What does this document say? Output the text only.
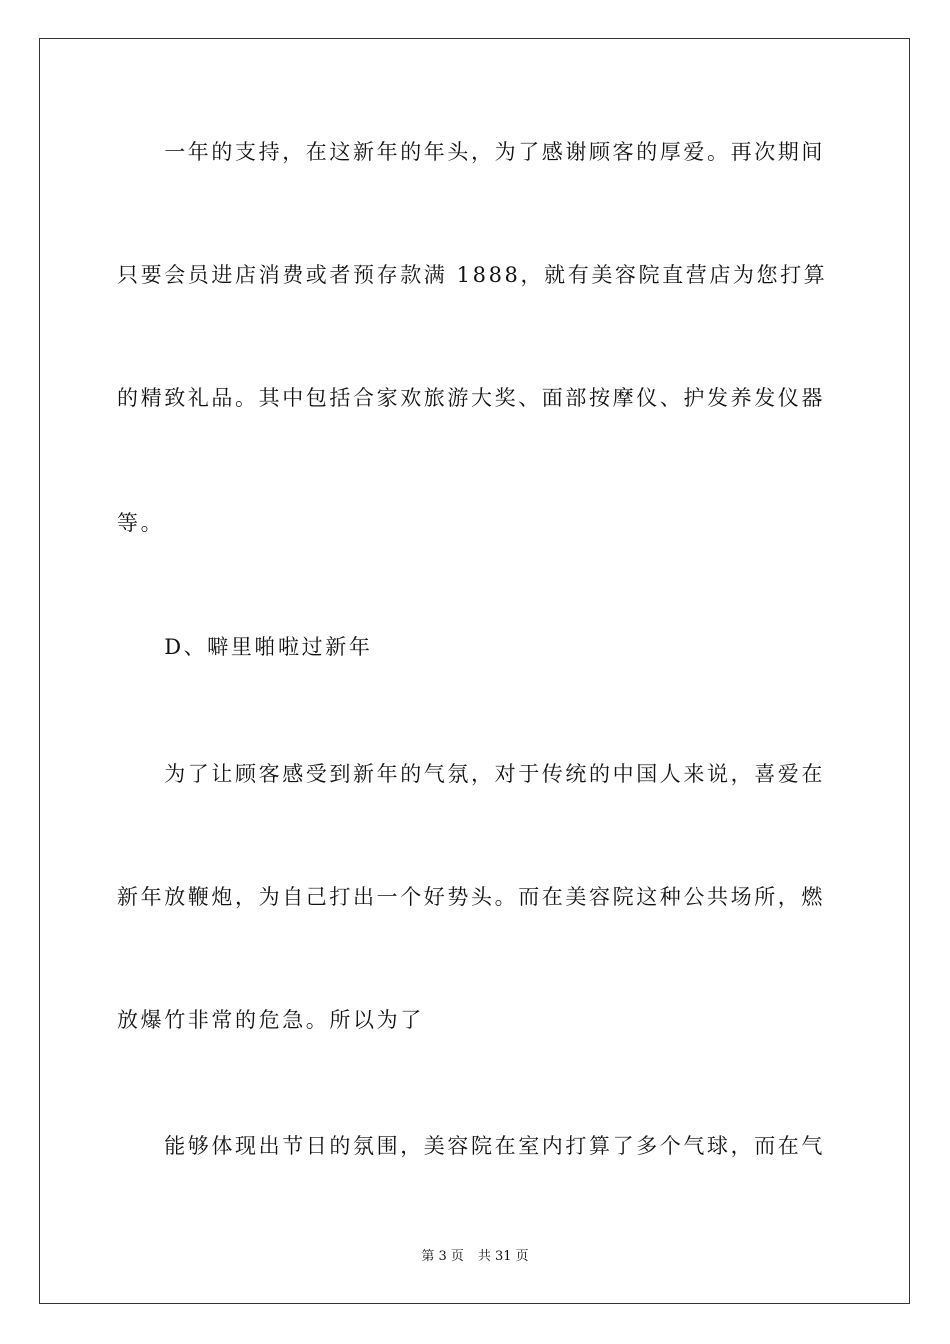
　　一年的支持，在这新年的年头，为了感谢顾客的厚爱。再次期间
只要会员进店消费或者预存款满 1888，就有美容院直营店为您打算
的精致礼品。其中包括合家欢旅游大奖、面部按摩仪、护发养发仪器
等。
　　D、噼里啪啦过新年
　　为了让顾客感受到新年的气氛，对于传统的中国人来说，喜爱在
新年放鞭炮，为自己打出一个好势头。而在美容院这种公共场所，燃
放爆竹非常的危急。所以为了
　　能够体现出节日的氛围，美容院在室内打算了多个气球，而在气
第 3 页 共 31 页
